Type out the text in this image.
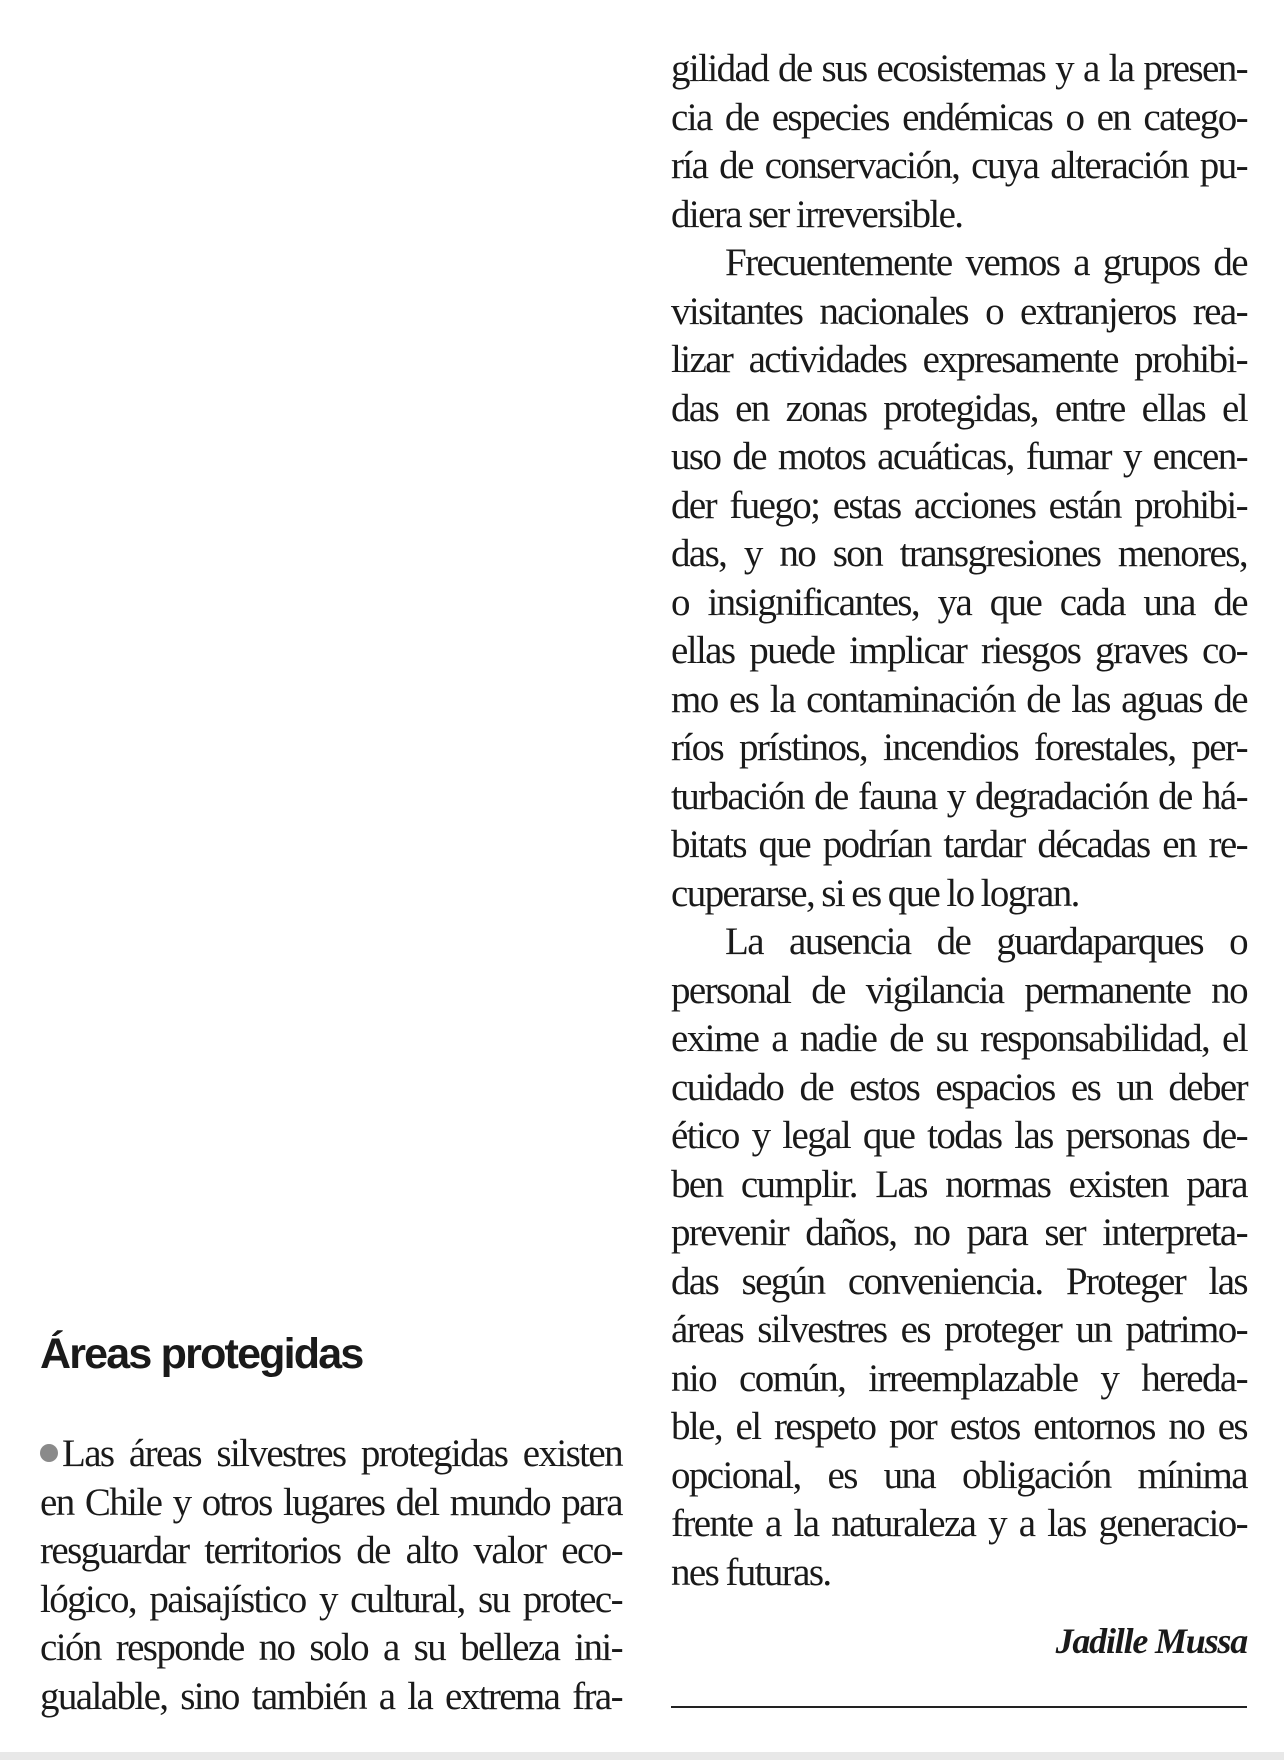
Áreas protegidas
Las áreas silvestres protegidas existen
en Chile y otros lugares del mundo para
resguardar territorios de alto valor eco-
lógico, paisajístico y cultural, su protec-
ción responde no solo a su belleza ini-
gualable, sino también a la extrema fra-
gilidad de sus ecosistemas y a la presen-
cia de especies endémicas o en catego-
ría de conservación, cuya alteración pu-
diera ser irreversible.
Frecuentemente vemos a grupos de
visitantes nacionales o extranjeros rea-
lizar actividades expresamente prohibi-
das en zonas protegidas, entre ellas el
uso de motos acuáticas, fumar y encen-
der fuego; estas acciones están prohibi-
das, y no son transgresiones menores,
o insignificantes, ya que cada una de
ellas puede implicar riesgos graves co-
mo es la contaminación de las aguas de
ríos prístinos, incendios forestales, per-
turbación de fauna y degradación de há-
bitats que podrían tardar décadas en re-
cuperarse, si es que lo logran.
La ausencia de guardaparques o
personal de vigilancia permanente no
exime a nadie de su responsabilidad, el
cuidado de estos espacios es un deber
ético y legal que todas las personas de-
ben cumplir. Las normas existen para
prevenir daños, no para ser interpreta-
das según conveniencia. Proteger las
áreas silvestres es proteger un patrimo-
nio común, irreemplazable y hereda-
ble, el respeto por estos entornos no es
opcional, es una obligación mínima
frente a la naturaleza y a las generacio-
nes futuras.
Jadille Mussa
